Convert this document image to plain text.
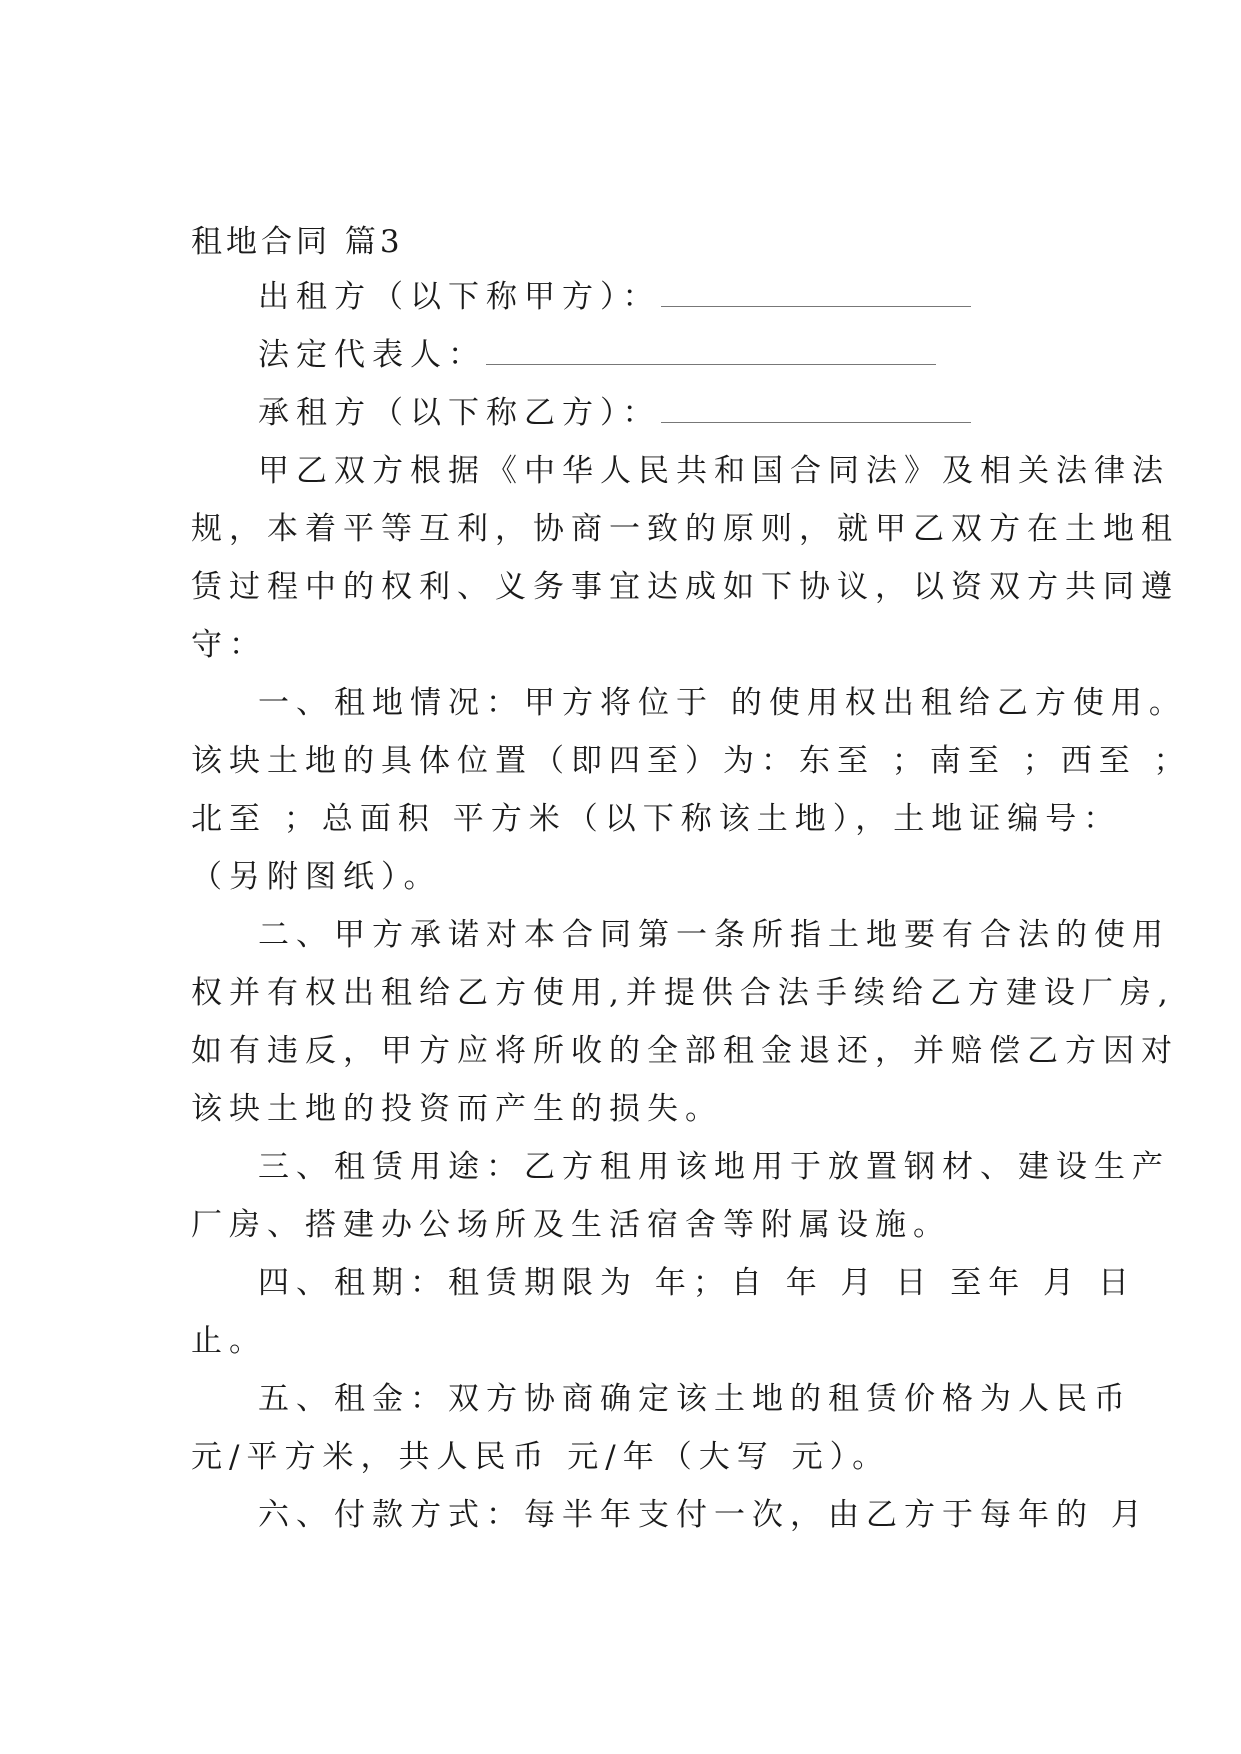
租地合同 篇3
出租方（以下称甲方）：
法定代表人：
承租方（以下称乙方）：
甲乙双方根据《中华人民共和国合同法》及相关法律法
规，本着平等互利，协商一致的原则，就甲乙双方在土地租
赁过程中的权利、义务事宜达成如下协议，以资双方共同遵
守：
一、租地情况：甲方将位于 的使用权出租给乙方使用。
该块土地的具体位置（即四至）为：东至 ；南至 ；西至 ；
北至 ；总面积 平方米（以下称该土地），土地证编号：
（另附图纸）。
二、甲方承诺对本合同第一条所指土地要有合法的使用
权并有权出租给乙方使用,并提供合法手续给乙方建设厂房,
如有违反，甲方应将所收的全部租金退还，并赔偿乙方因对
该块土地的投资而产生的损失。
三、租赁用途：乙方租用该地用于放置钢材、建设生产
厂房、搭建办公场所及生活宿舍等附属设施。
四、租期：租赁期限为 年；自 年 月 日 至年 月 日
止。
五、租金：双方协商确定该土地的租赁价格为人民币
元/平方米，共人民币 元/年（大写 元）。
六、付款方式：每半年支付一次，由乙方于每年的 月
